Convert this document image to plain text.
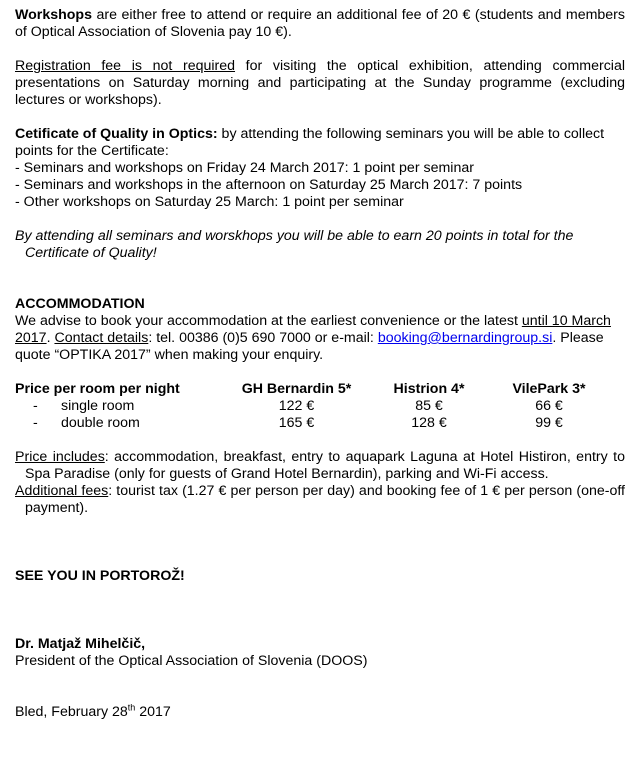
Workshops are either free to attend or require an additional fee of 20 € (students and members of Optical Association of Slovenia pay 10 €).

Registration fee is not required for visiting the optical exhibition, attending commercial presentations on Saturday morning and participating at the Sunday programme (excluding lectures or workshops).

Cetificate of Quality in Optics: by attending the following seminars you will be able to collect points for the Certificate:

- Seminars and workshops on Friday 24 March 2017: 1 point per seminar

- Seminars and workshops in the afternoon on Saturday 25 March 2017: 7 points

- Other workshops on Saturday 25 March: 1 point per seminar

By attending all seminars and worskhops you will be able to earn 20 points in total for the Certificate of Quality!

ACCOMMODATION

We advise to book your accommodation at the earliest convenience or the latest until 10 March 2017. Contact details: tel. 00386 (0)5 690 7000 or e-mail: booking@bernardingroup.si. Please quote “OPTIKA 2017” when making your enquiry.

Price per room per night	GH Bernardin 5*	Histrion 4*	VilePark 3*
- single room	122 €	85 €	66 €
- double room	165 €	128 €	99 €

Price includes: accommodation, breakfast, entry to aquapark Laguna at Hotel Histiron, entry to Spa Paradise (only for guests of Grand Hotel Bernardin), parking and Wi-Fi access.

Additional fees: tourist tax (1.27 € per person per day) and booking fee of 1 € per person (one-off payment).

SEE YOU IN PORTOROŽ!

Dr. Matjaž Mihelčič,

President of the Optical Association of Slovenia (DOOS)

Bled, February 28th 2017
